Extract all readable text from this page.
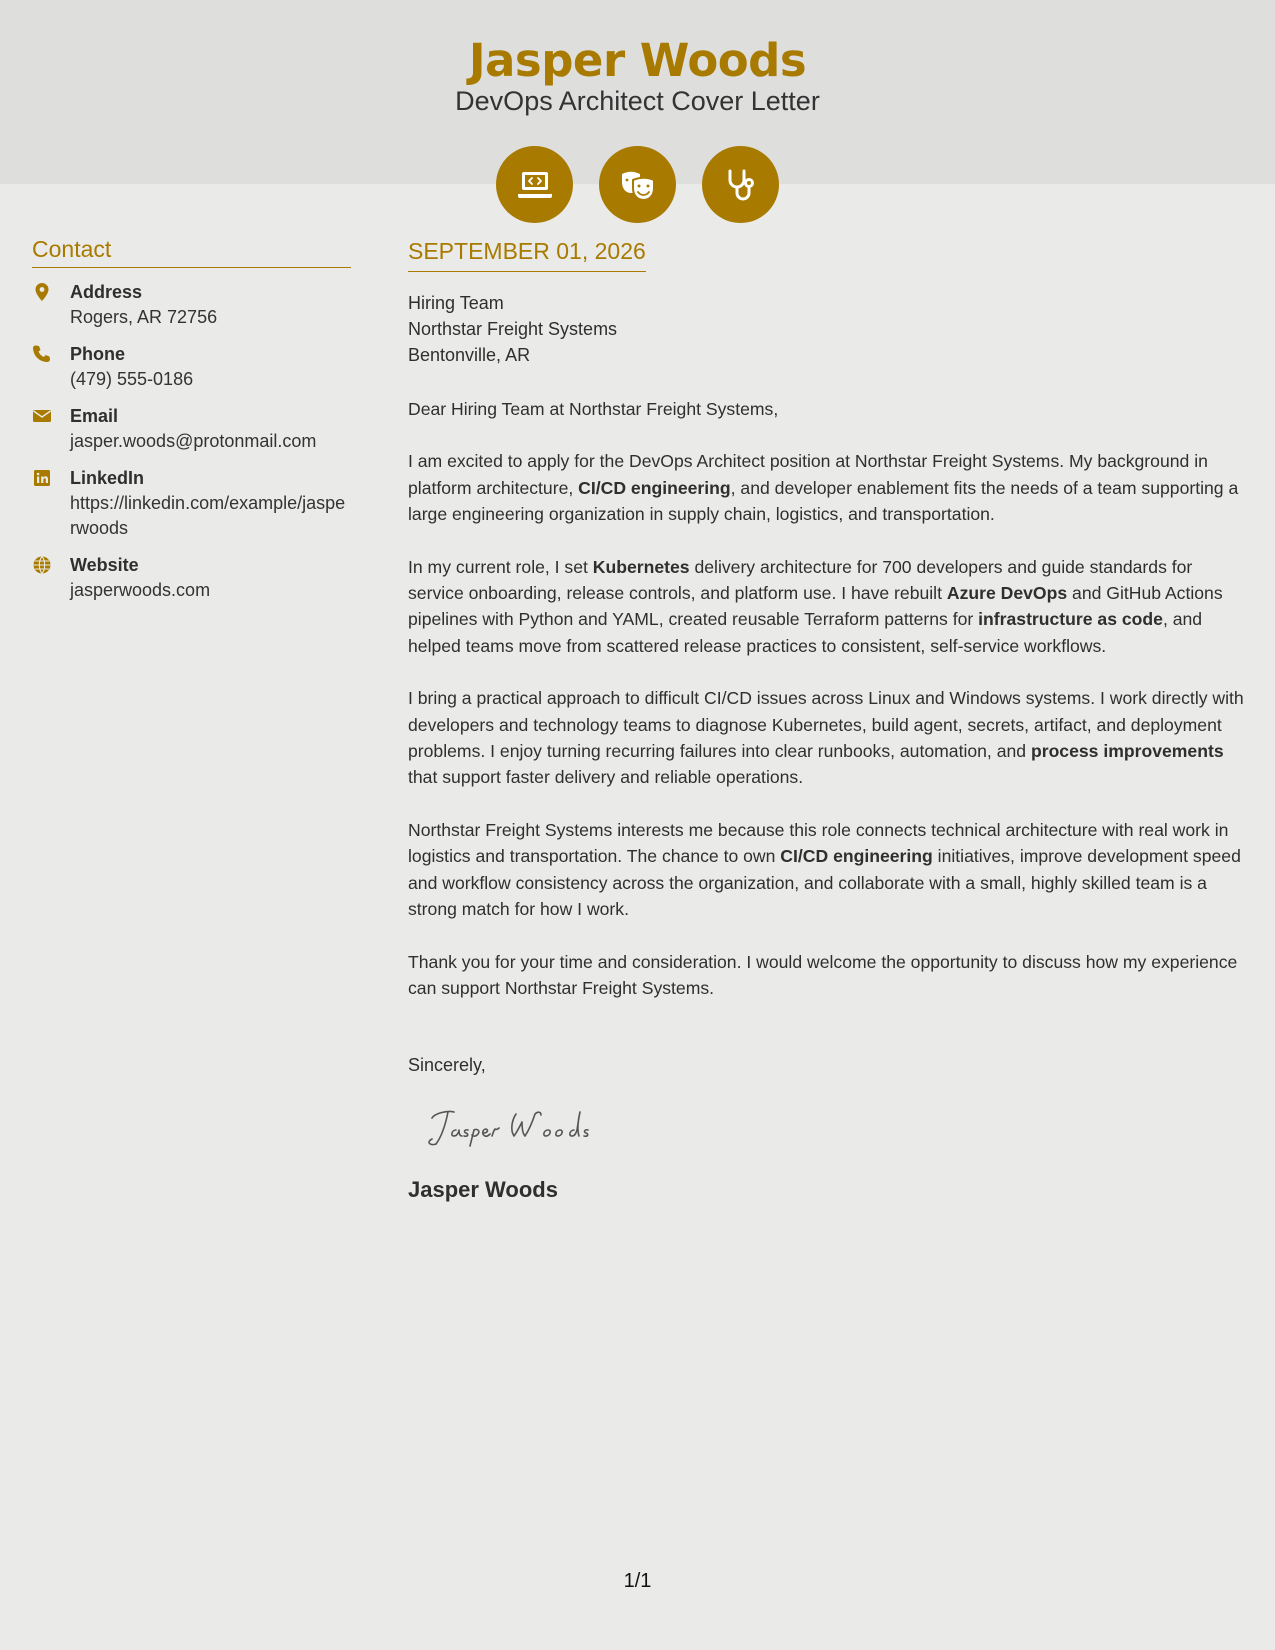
Jasper Woods
DevOps Architect Cover Letter
Contact
Address
Rogers, AR 72756
Phone
(479) 555-0186
Email
jasper.woods@protonmail.com
LinkedIn
https://linkedin.com/example/jasperwoods
Website
jasperwoods.com
SEPTEMBER 01, 2026
Hiring Team
Northstar Freight Systems
Bentonville, AR

Dear Hiring Team at Northstar Freight Systems,

I am excited to apply for the DevOps Architect position at Northstar Freight Systems. My background in platform architecture, CI/CD engineering, and developer enablement fits the needs of a team supporting a large engineering organization in supply chain, logistics, and transportation.

In my current role, I set Kubernetes delivery architecture for 700 developers and guide standards for service onboarding, release controls, and platform use. I have rebuilt Azure DevOps and GitHub Actions pipelines with Python and YAML, created reusable Terraform patterns for infrastructure as code, and helped teams move from scattered release practices to consistent, self-service workflows.

I bring a practical approach to difficult CI/CD issues across Linux and Windows systems. I work directly with developers and technology teams to diagnose Kubernetes, build agent, secrets, artifact, and deployment problems. I enjoy turning recurring failures into clear runbooks, automation, and process improvements that support faster delivery and reliable operations.

Northstar Freight Systems interests me because this role connects technical architecture with real work in logistics and transportation. The chance to own CI/CD engineering initiatives, improve development speed and workflow consistency across the organization, and collaborate with a small, highly skilled team is a strong match for how I work.

Thank you for your time and consideration. I would welcome the opportunity to discuss how my experience can support Northstar Freight Systems.

Sincerely,
Jasper Woods
1/1
